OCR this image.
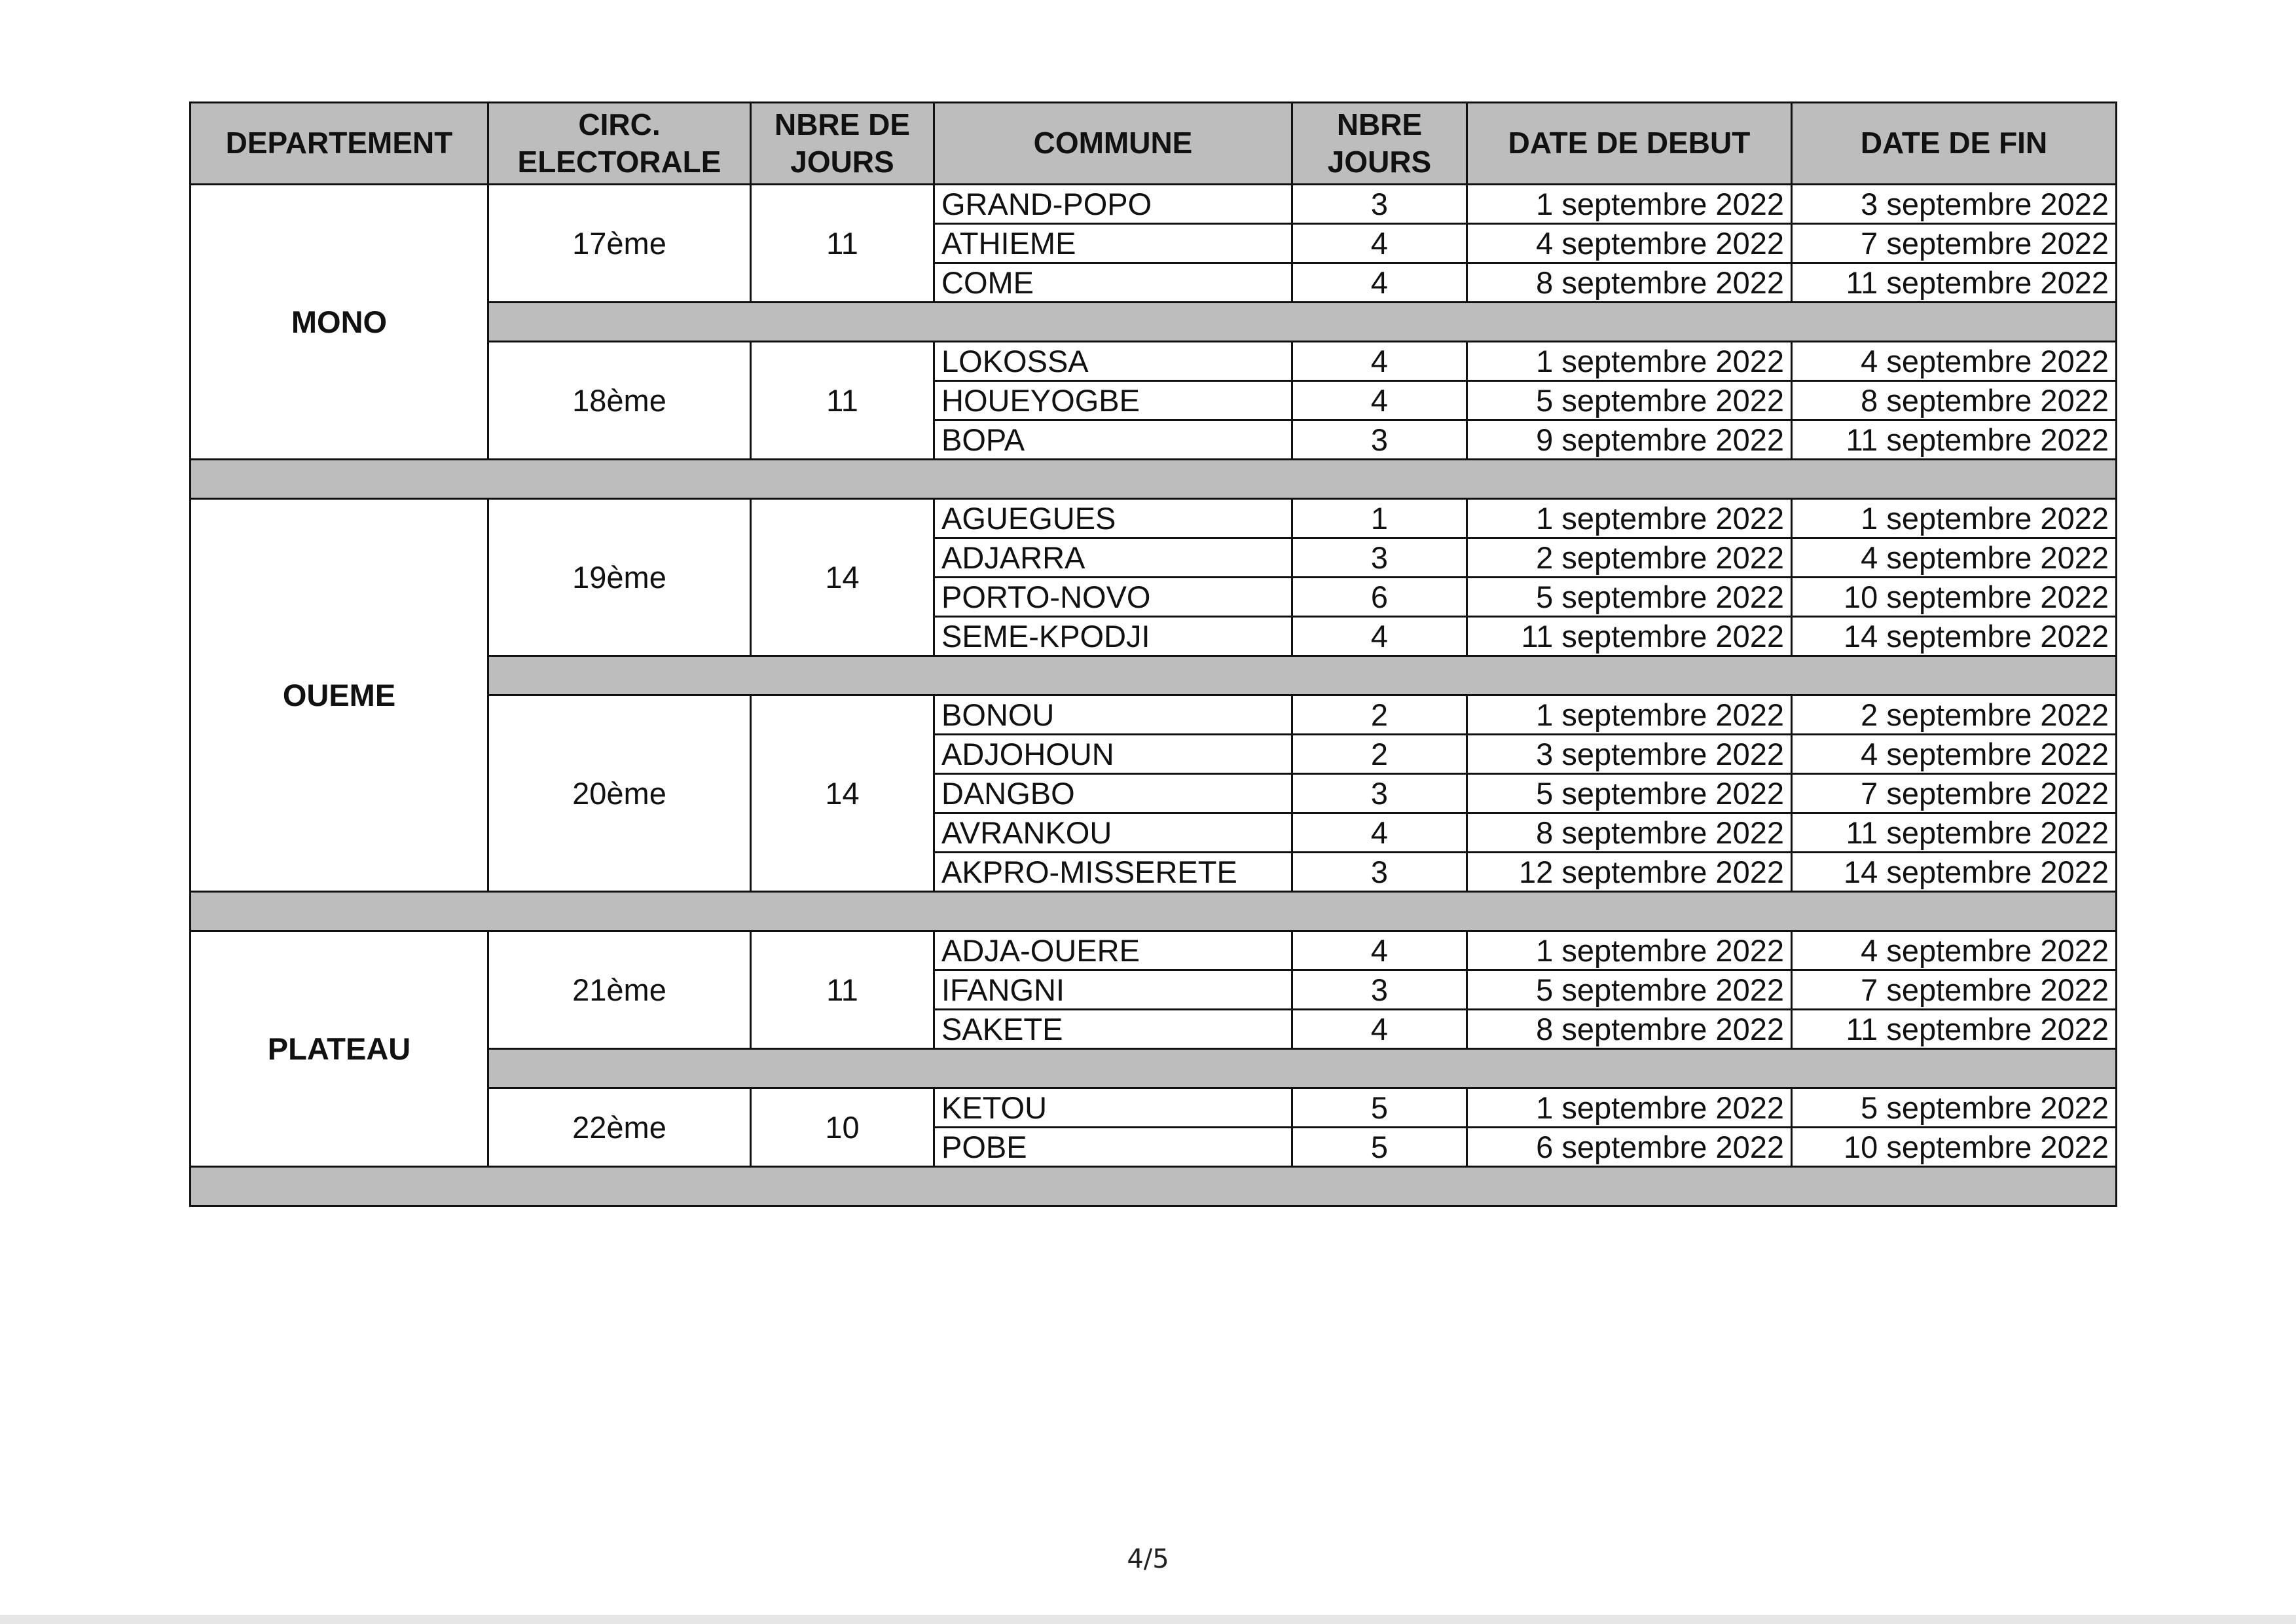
DEPARTEMENT	CIRC. ELECTORALE	NBRE DE JOURS	COMMUNE	NBRE JOURS	DATE DE DEBUT	DATE DE FIN
MONO	17ème	11	GRAND-POPO	3	1 septembre 2022	3 septembre 2022
			ATHIEME	4	4 septembre 2022	7 septembre 2022
			COME	4	8 septembre 2022	11 septembre 2022

	18ème	11	LOKOSSA	4	1 septembre 2022	4 septembre 2022
			HOUEYOGBE	4	5 septembre 2022	8 septembre 2022
			BOPA	3	9 septembre 2022	11 septembre 2022

OUEME	19ème	14	AGUEGUES	1	1 septembre 2022	1 septembre 2022
			ADJARRA	3	2 septembre 2022	4 septembre 2022
			PORTO-NOVO	6	5 septembre 2022	10 septembre 2022
			SEME-KPODJI	4	11 septembre 2022	14 septembre 2022

	20ème	14	BONOU	2	1 septembre 2022	2 septembre 2022
			ADJOHOUN	2	3 septembre 2022	4 septembre 2022
			DANGBO	3	5 septembre 2022	7 septembre 2022
			AVRANKOU	4	8 septembre 2022	11 septembre 2022
			AKPRO-MISSERETE	3	12 septembre 2022	14 septembre 2022

PLATEAU	21ème	11	ADJA-OUERE	4	1 septembre 2022	4 septembre 2022
			IFANGNI	3	5 septembre 2022	7 septembre 2022
			SAKETE	4	8 septembre 2022	11 septembre 2022

	22ème	10	KETOU	5	1 septembre 2022	5 septembre 2022
			POBE	5	6 septembre 2022	10 septembre 2022

4/5
